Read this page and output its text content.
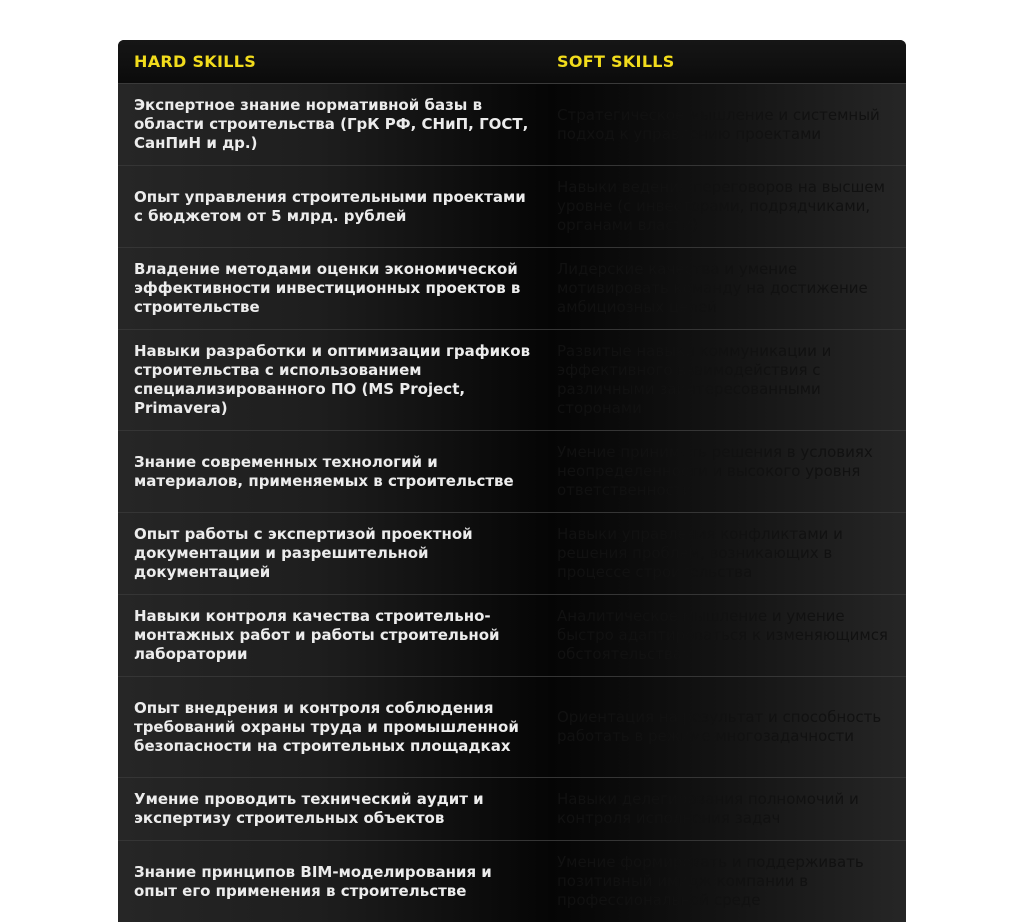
HARD SKILLS	SOFT SKILLS
Экспертное знание нормативной базы в области строительства (ГрК РФ, СНиП, ГОСТ, СанПиН и др.)	Стратегическое мышление и системный подход к управлению проектами
Опыт управления строительными проектами с бюджетом от 5 млрд. рублей	Навыки ведения переговоров на высшем уровне (с инвесторами, подрядчиками, органами власти)
Владение методами оценки экономической эффективности инвестиционных проектов в строительстве	Лидерские качества и умение мотивировать команду на достижение амбициозных целей
Навыки разработки и оптимизации графиков строительства с использованием специализированного ПО (MS Project, Primavera)	Развитые навыки коммуникации и эффективного взаимодействия с различными заинтересованными сторонами
Знание современных технологий и материалов, применяемых в строительстве	Умение принимать решения в условиях неопределенности и высокого уровня ответственности
Опыт работы с экспертизой проектной документации и разрешительной документацией	Навыки управления конфликтами и решения проблем, возникающих в процессе строительства
Навыки контроля качества строительно-монтажных работ и работы строительной лаборатории	Аналитическое мышление и умение быстро адаптироваться к изменяющимся обстоятельствам
Опыт внедрения и контроля соблюдения требований охраны труда и промышленной безопасности на строительных площадках	Ориентация на результат и способность работать в режиме многозадачности
Умение проводить технический аудит и экспертизу строительных объектов	Навыки делегирования полномочий и контроля исполнения задач
Знание принципов BIM-моделирования и опыт его применения в строительстве	Умение формировать и поддерживать позитивный имидж компании в профессиональной среде
